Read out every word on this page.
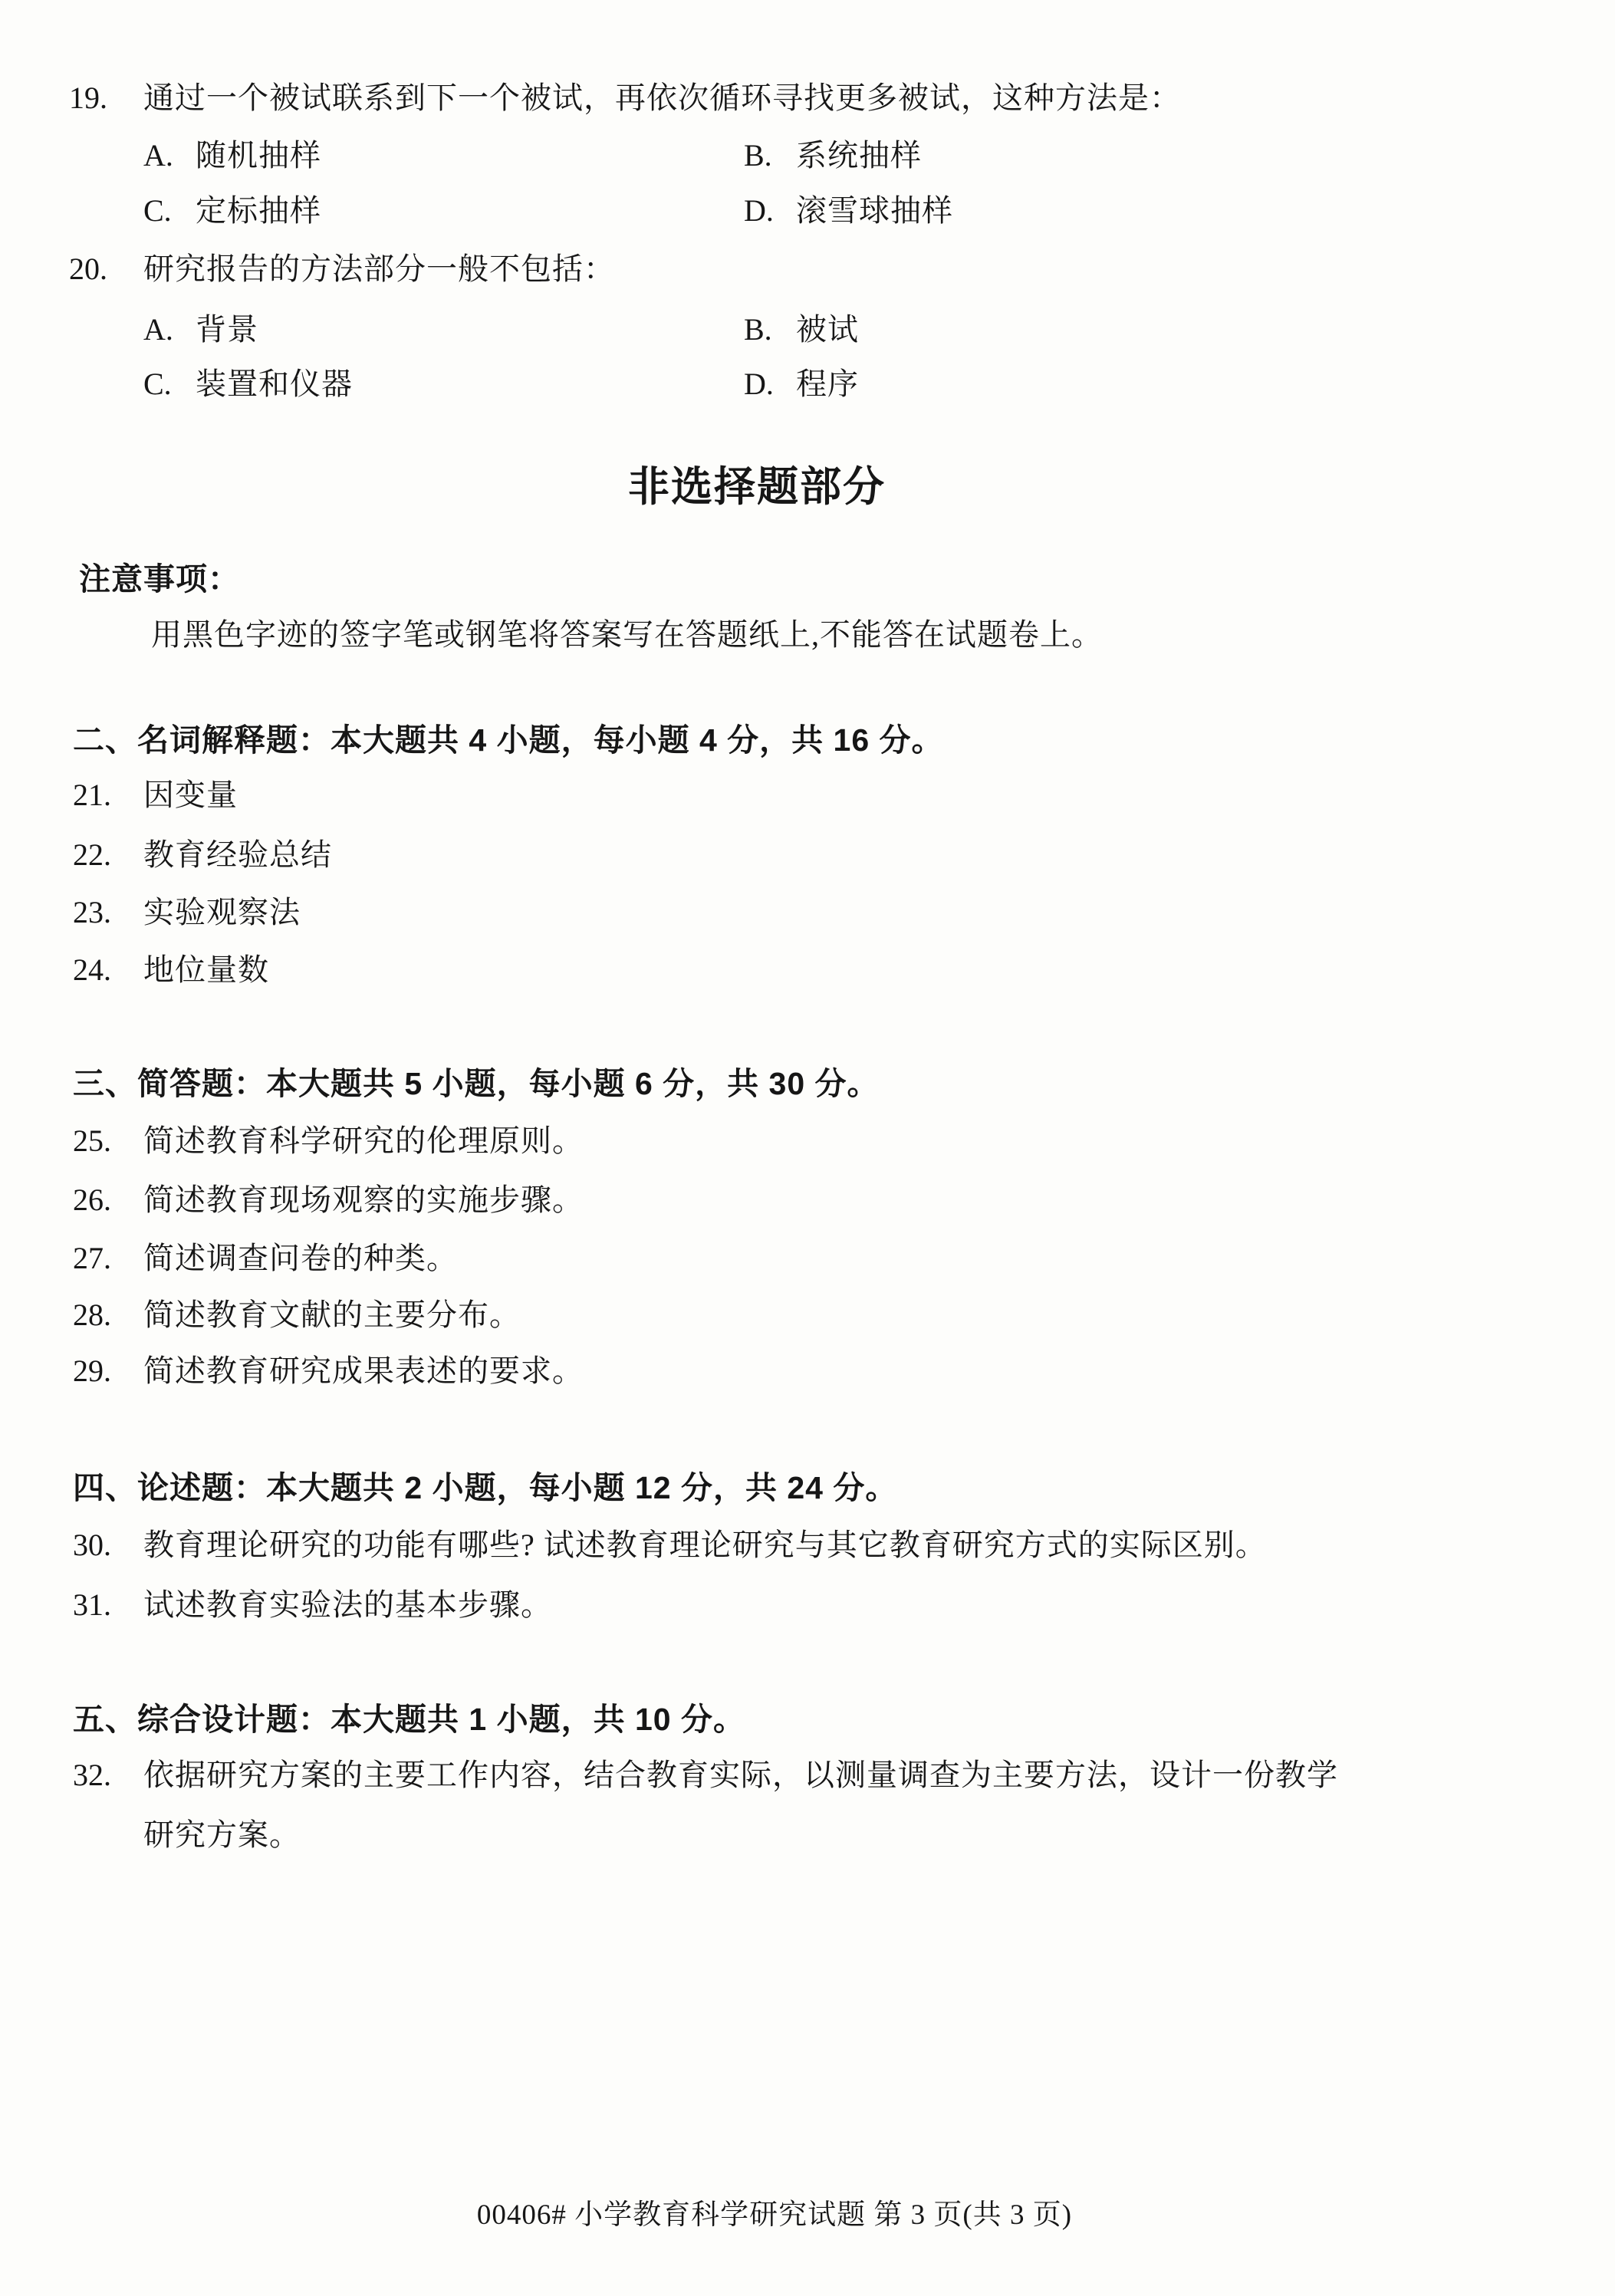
19.	通过一个被试联系到下一个被试，再依次循环寻找更多被试，这种方法是：
A. 随机抽样	B. 系统抽样
C. 定标抽样	D. 滚雪球抽样
20.	研究报告的方法部分一般不包括：
A. 背景	B. 被试
C. 装置和仪器	D. 程序
非选择题部分
注意事项：
用黑色字迹的签字笔或钢笔将答案写在答题纸上,不能答在试题卷上。
二、名词解释题：本大题共 4 小题，每小题 4 分，共 16 分。
21.	因变量
22.	教育经验总结
23.	实验观察法
24.	地位量数
三、简答题：本大题共 5 小题，每小题 6 分，共 30 分。
25.	简述教育科学研究的伦理原则。
26.	简述教育现场观察的实施步骤。
27.	简述调查问卷的种类。
28.	简述教育文献的主要分布。
29.	简述教育研究成果表述的要求。
四、论述题：本大题共 2 小题，每小题 12 分，共 24 分。
30.	教育理论研究的功能有哪些? 试述教育理论研究与其它教育研究方式的实际区别。
31.	试述教育实验法的基本步骤。
五、综合设计题：本大题共 1 小题，共 10 分。
32.	依据研究方案的主要工作内容，结合教育实际，以测量调查为主要方法，设计一份教学研究方案。
00406# 小学教育科学研究试题 第 3 页(共 3 页)
